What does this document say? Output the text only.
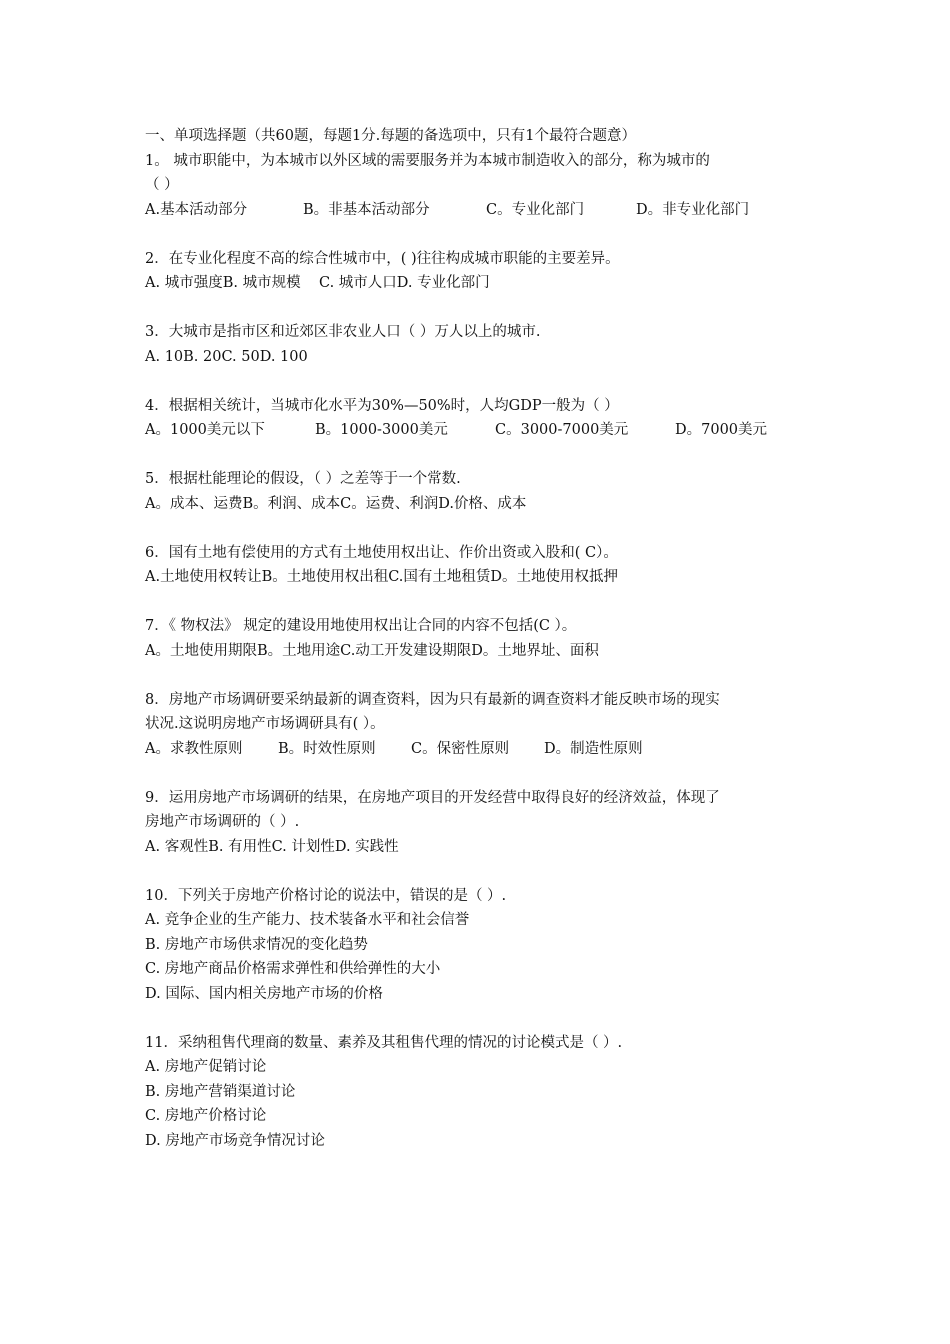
一、单项选择题（共60题，每题1分.每题的备选项中，只有1个最符合题意）
1。 城市职能中，为本城市以外区域的需要服务并为本城市制造收入的部分，称为城市的
（ ）
A.基本活动部分	B。非基本活动部分	C。专业化部门	D。非专业化部门
2．在专业化程度不高的综合性城市中，( )往往构成城市职能的主要差异。
A. 城市强度B. 城市规模    C. 城市人口D. 专业化部门
3．大城市是指市区和近郊区非农业人口（ ）万人以上的城市.
A. 10B. 20C. 50D. 100
4．根据相关统计，当城市化水平为30%—50%时，人均GDP一般为（ ）
A。1000美元以下	B。1000-3000美元	C。3000-7000美元	D。7000美元
5．根据杜能理论的假设，（ ）之差等于一个常数.
A。成本、运费B。利润、成本C。运费、利润D.价格、成本
6．国有土地有偿使用的方式有土地使用权出让、作价出资或入股和( C）。
A.土地使用权转让B。土地使用权出租C.国有土地租赁D。土地使用权抵押
7．《 物权法》 规定的建设用地使用权出让合同的内容不包括(C ）。
A。土地使用期限B。土地用途C.动工开发建设期限D。土地界址、面积
8．房地产市场调研要采纳最新的调查资料，因为只有最新的调查资料才能反映市场的现实
状况.这说明房地产市场调研具有( ）。
A。求教性原则	B。时效性原则	C。保密性原则	D。制造性原则
9．运用房地产市场调研的结果，在房地产项目的开发经营中取得良好的经济效益，体现了
房地产市场调研的（ ）.
A. 客观性B. 有用性C. 计划性D. 实践性
10．下列关于房地产价格讨论的说法中，错误的是（ ）.
A. 竞争企业的生产能力、技术装备水平和社会信誉
B. 房地产市场供求情况的变化趋势
C. 房地产商品价格需求弹性和供给弹性的大小
D. 国际、国内相关房地产市场的价格
11．采纳租售代理商的数量、素养及其租售代理的情况的讨论模式是（ ）.
A. 房地产促销讨论
B. 房地产营销渠道讨论
C. 房地产价格讨论
D. 房地产市场竞争情况讨论
